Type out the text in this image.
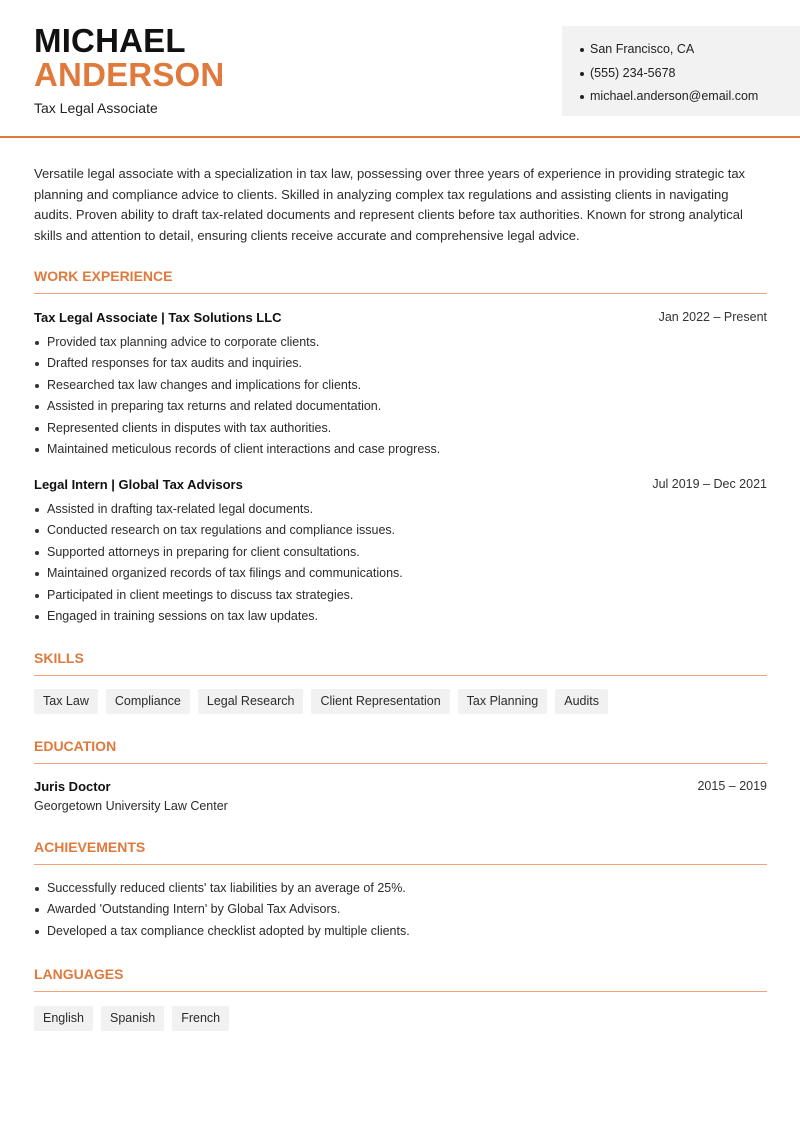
MICHAEL
ANDERSON
Tax Legal Associate
San Francisco, CA
(555) 234-5678
michael.anderson@email.com
Versatile legal associate with a specialization in tax law, possessing over three years of experience in providing strategic tax planning and compliance advice to clients. Skilled in analyzing complex tax regulations and assisting clients in navigating audits. Proven ability to draft tax-related documents and represent clients before tax authorities. Known for strong analytical skills and attention to detail, ensuring clients receive accurate and comprehensive legal advice.
WORK EXPERIENCE
Tax Legal Associate | Tax Solutions LLC	Jan 2022 – Present
Provided tax planning advice to corporate clients.
Drafted responses for tax audits and inquiries.
Researched tax law changes and implications for clients.
Assisted in preparing tax returns and related documentation.
Represented clients in disputes with tax authorities.
Maintained meticulous records of client interactions and case progress.
Legal Intern | Global Tax Advisors	Jul 2019 – Dec 2021
Assisted in drafting tax-related legal documents.
Conducted research on tax regulations and compliance issues.
Supported attorneys in preparing for client consultations.
Maintained organized records of tax filings and communications.
Participated in client meetings to discuss tax strategies.
Engaged in training sessions on tax law updates.
SKILLS
Tax Law	Compliance	Legal Research	Client Representation	Tax Planning	Audits
EDUCATION
Juris Doctor	2015 – 2019
Georgetown University Law Center
ACHIEVEMENTS
Successfully reduced clients' tax liabilities by an average of 25%.
Awarded 'Outstanding Intern' by Global Tax Advisors.
Developed a tax compliance checklist adopted by multiple clients.
LANGUAGES
English	Spanish	French
